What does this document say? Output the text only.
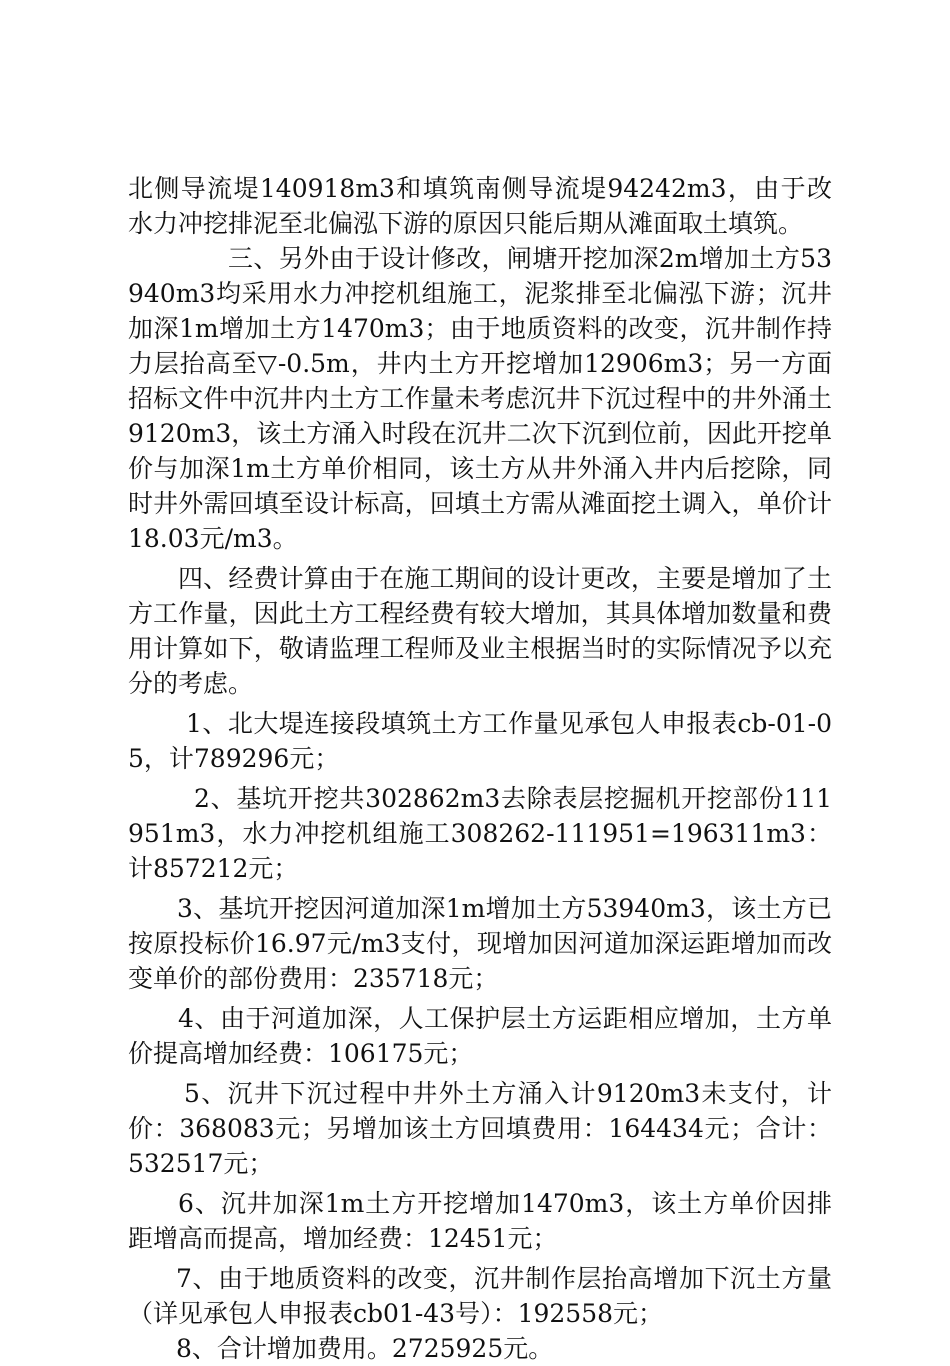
北侧导流堤140918m3和填筑南侧导流堤94242m3，由于改水力冲挖排泥至北偏泓下游的原因只能后期从滩面取土填筑。

三、另外由于设计修改，闸塘开挖加深2m增加土方53940m3均采用水力冲挖机组施工，泥浆排至北偏泓下游；沉井加深1m增加土方1470m3；由于地质资料的改变，沉井制作持力层抬高至▽-0.5m，井内土方开挖增加12906m3；另一方面招标文件中沉井内土方工作量未考虑沉井下沉过程中的井外涌土9120m3，该土方涌入时段在沉井二次下沉到位前，因此开挖单价与加深1m土方单价相同，该土方从井外涌入井内后挖除，同时井外需回填至设计标高，回填土方需从滩面挖土调入，单价计18.03元/m3。

四、经费计算由于在施工期间的设计更改，主要是增加了土方工作量，因此土方工程经费有较大增加，其具体增加数量和费用计算如下，敬请监理工程师及业主根据当时的实际情况予以充分的考虑。

1、北大堤连接段填筑土方工作量见承包人申报表cb-01-05，计789296元；

2、基坑开挖共302862m3去除表层挖掘机开挖部份111951m3，水力冲挖机组施工308262-111951=196311m3：计857212元；

3、基坑开挖因河道加深1m增加土方53940m3，该土方已按原投标价16.97元/m3支付，现增加因河道加深运距增加而改变单价的部份费用：235718元；

4、由于河道加深，人工保护层土方运距相应增加，土方单价提高增加经费：106175元；

5、沉井下沉过程中井外土方涌入计9120m3未支付，计价：368083元；另增加该土方回填费用：164434元；合计：532517元；

6、沉井加深1m土方开挖增加1470m3，该土方单价因排距增高而提高，增加经费：12451元；

7、由于地质资料的改变，沉井制作层抬高增加下沉土方量（详见承包人申报表cb01-43号）：192558元；

8、合计增加费用。2725925元。
